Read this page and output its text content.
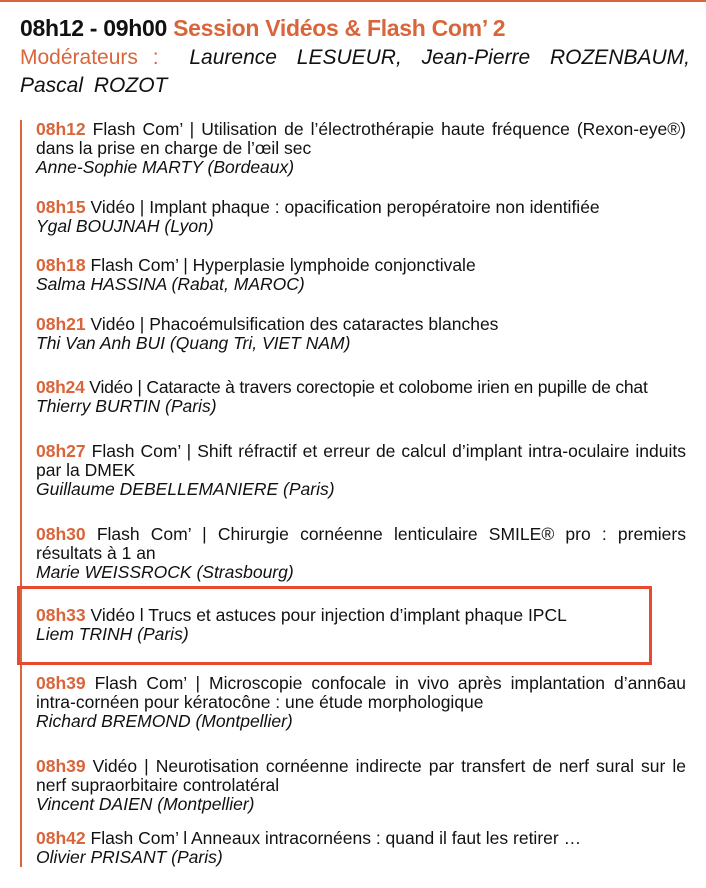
08h12 - 09h00 Session Vidéos & Flash Com’ 2

Modérateurs : Laurence LESUEUR, Jean-Pierre ROZENBAUM, Pascal ROZOT

08h12 Flash Com’ | Utilisation de l’électrothérapie haute fréquence (Rexon-eye®) dans la prise en charge de l’œil sec

Anne-Sophie MARTY (Bordeaux)

08h15 Vidéo | Implant phaque : opacification peropératoire non identifiée

Ygal BOUJNAH (Lyon)

08h18 Flash Com’ | Hyperplasie lymphoide conjonctivale

Salma HASSINA (Rabat, MAROC)

08h21 Vidéo | Phacoémulsification des cataractes blanches

Thi Van Anh BUI (Quang Tri, VIET NAM)

08h24 Vidéo | Cataracte à travers corectopie et colobome irien en pupille de chat

Thierry BURTIN (Paris)

08h27 Flash Com’ | Shift réfractif et erreur de calcul d’implant intra-oculaire induits par la DMEK

Guillaume DEBELLEMANIERE (Paris)

08h30 Flash Com’ | Chirurgie cornéenne lenticulaire SMILE® pro : premiers résultats à 1 an

Marie WEISSROCK (Strasbourg)

08h33 Vidéo l Trucs et astuces pour injection d’implant phaque IPCL

Liem TRINH (Paris)

08h39 Flash Com’ | Microscopie confocale in vivo après implantation d’ann6au intra-cornéen pour kératocône : une étude morphologique

Richard BREMOND (Montpellier)

08h39 Vidéo | Neurotisation cornéenne indirecte par transfert de nerf sural sur le nerf supraorbitaire controlatéral

Vincent DAIEN (Montpellier)

08h42 Flash Com’ l Anneaux intracornéens : quand il faut les retirer …

Olivier PRISANT (Paris)
